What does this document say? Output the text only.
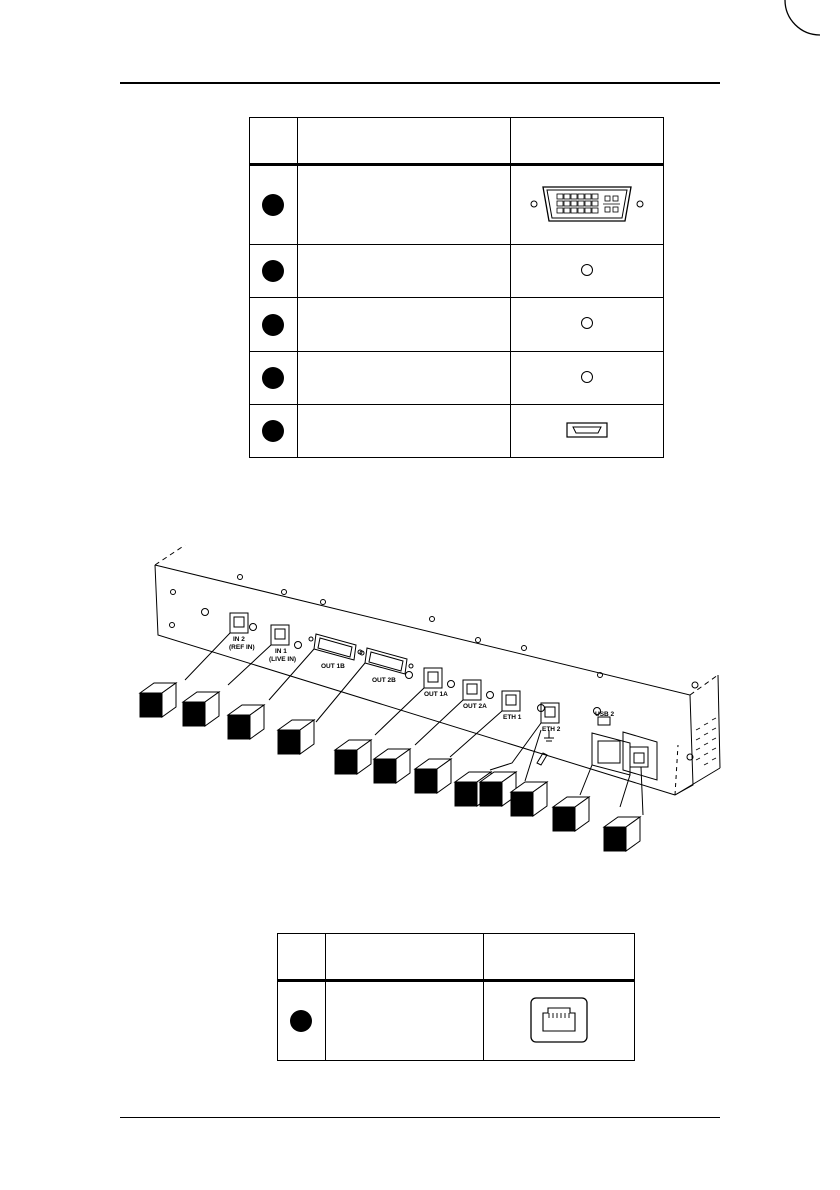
IN 2
(REF IN)
IN 1
(LIVE IN)
OUT 1B
OUT 2B
OUT 1A
OUT 2A
ETH 1
ETH 2
USB 2
